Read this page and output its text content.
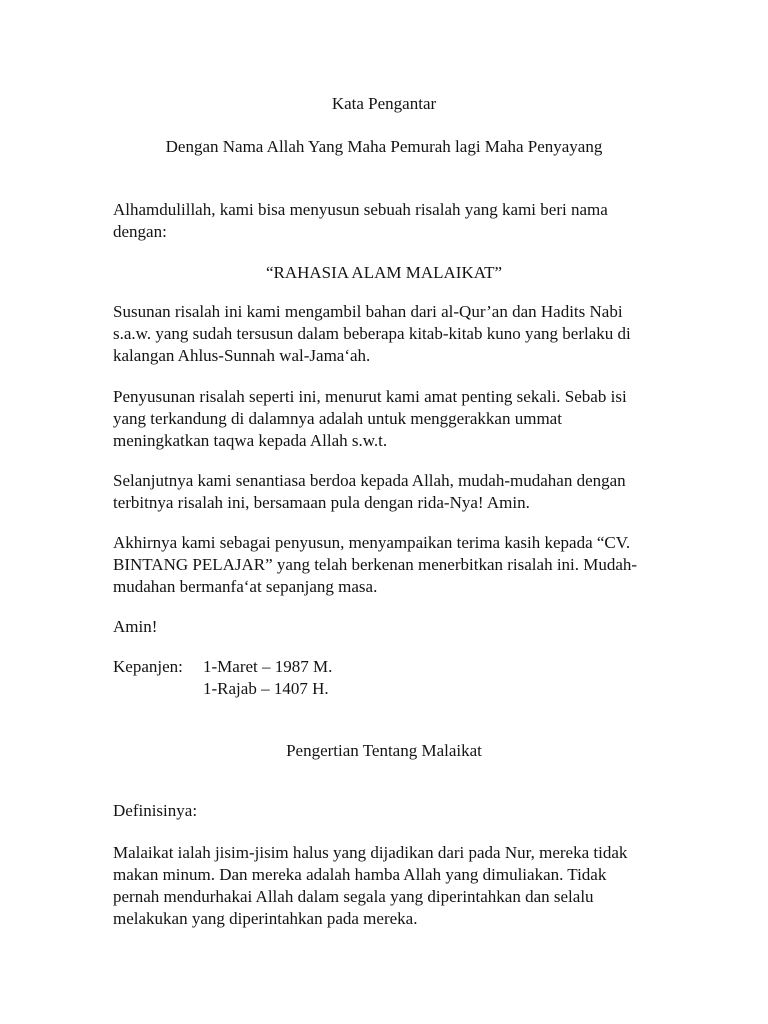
Kata Pengantar

Dengan Nama Allah Yang Maha Pemurah lagi Maha Penyayang

Alhamdulillah, kami bisa menyusun sebuah risalah yang kami beri nama

dengan:

“RAHASIA ALAM MALAIKAT”

Susunan risalah ini kami mengambil bahan dari al-Qur’an dan Hadits Nabi

s.a.w. yang sudah tersusun dalam beberapa kitab-kitab kuno yang berlaku di

kalangan Ahlus-Sunnah wal-Jama‘ah.

Penyusunan risalah seperti ini, menurut kami amat penting sekali. Sebab isi

yang terkandung di dalamnya adalah untuk menggerakkan ummat

meningkatkan taqwa kepada Allah s.w.t.

Selanjutnya kami senantiasa berdoa kepada Allah, mudah-mudahan dengan

terbitnya risalah ini, bersamaan pula dengan rida-Nya! Amin.

Akhirnya kami sebagai penyusun, menyampaikan terima kasih kepada “CV.

BINTANG PELAJAR” yang telah berkenan menerbitkan risalah ini. Mudah-

mudahan bermanfa‘at sepanjang masa.

Amin!

Kepanjen: 1-Maret – 1987 M.

1-Rajab – 1407 H.

Pengertian Tentang Malaikat

Definisinya:

Malaikat ialah jisim-jisim halus yang dijadikan dari pada Nur, mereka tidak

makan minum. Dan mereka adalah hamba Allah yang dimuliakan. Tidak

pernah mendurhakai Allah dalam segala yang diperintahkan dan selalu

melakukan yang diperintahkan pada mereka.
